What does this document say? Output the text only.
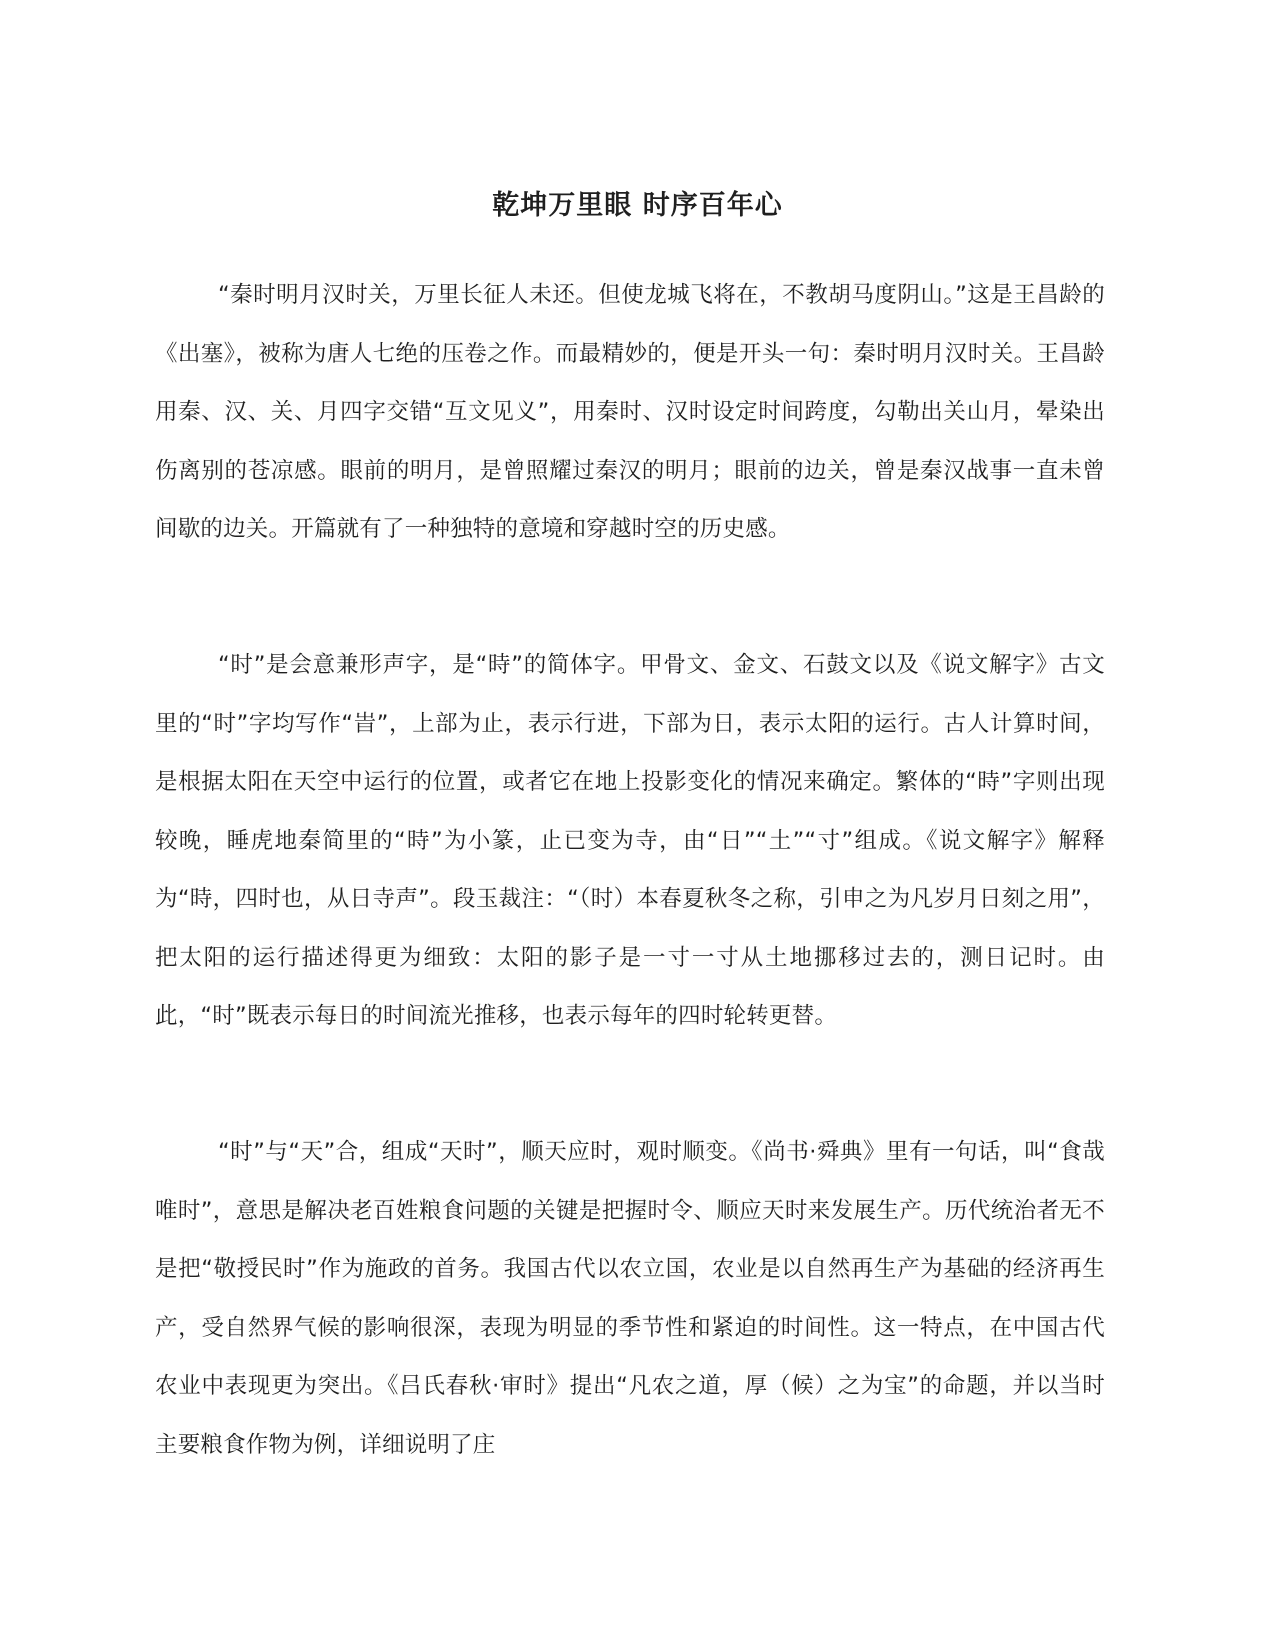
乾坤万里眼 时序百年心

“秦时明月汉时关，万里长征人未还。但使龙城飞将在，不教胡马度阴山。”这是王昌龄的《出塞》，被称为唐人七绝的压卷之作。而最精妙的，便是开头一句：秦时明月汉时关。王昌龄用秦、汉、关、月四字交错“互文见义”，用秦时、汉时设定时间跨度，勾勒出关山月，晕染出伤离别的苍凉感。眼前的明月，是曾照耀过秦汉的明月；眼前的边关，曾是秦汉战事一直未曾间歇的边关。开篇就有了一种独特的意境和穿越时空的历史感。

“时”是会意兼形声字，是“時”的简体字。甲骨文、金文、石鼓文以及《说文解字》古文里的“时”字均写作“旹”，上部为止，表示行进，下部为日，表示太阳的运行。古人计算时间，是根据太阳在天空中运行的位置，或者它在地上投影变化的情况来确定。繁体的“時”字则出现较晚，睡虎地秦简里的“時”为小篆，止已变为寺，由“日”“土”“寸”组成。《说文解字》解释为“時，四时也，从日寺声”。段玉裁注：“（时）本春夏秋冬之称，引申之为凡岁月日刻之用”，把太阳的运行描述得更为细致：太阳的影子是一寸一寸从土地挪移过去的，测日记时。由此，“时”既表示每日的时间流光推移，也表示每年的四时轮转更替。

“时”与“天”合，组成“天时”，顺天应时，观时顺变。《尚书·舜典》里有一句话，叫“食哉唯时”，意思是解决老百姓粮食问题的关键是把握时令、顺应天时来发展生产。历代统治者无不是把“敬授民时”作为施政的首务。我国古代以农立国，农业是以自然再生产为基础的经济再生产，受自然界气候的影响很深，表现为明显的季节性和紧迫的时间性。这一特点，在中国古代农业中表现更为突出。《吕氏春秋·审时》提出“凡农之道，厚（候）之为宝”的命题，并以当时主要粮食作物为例，详细说明了庄
